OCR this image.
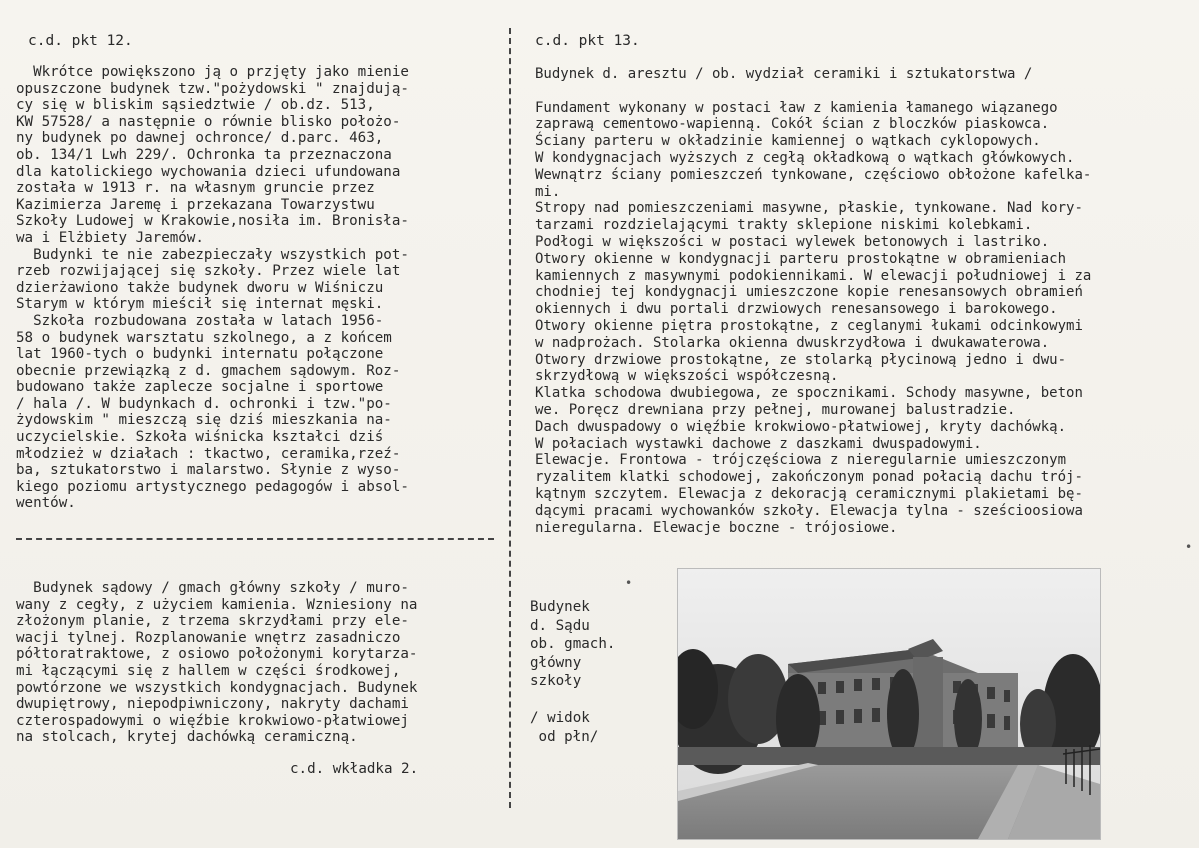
c.d. pkt 12.
Wkrótce powiększono ją o przjęty jako mienie
opuszczone budynek tzw."pożydowski " znajdują-
cy się w bliskim sąsiedztwie / ob.dz. 513,
KW 57528/ a następnie o równie blisko położo-
ny budynek po dawnej ochronce/ d.parc. 463,
ob. 134/1 Lwh 229/. Ochronka ta przeznaczona
dla katolickiego wychowania dzieci ufundowana
została w 1913 r. na własnym gruncie przez
Kazimierza Jaremę i przekazana Towarzystwu
Szkoły Ludowej w Krakowie,nosiła im. Bronisła-
wa i Elżbiety Jaremów.
Budynki te nie zabezpieczały wszystkich pot-
rzeb rozwijającej się szkoły. Przez wiele lat
dzierżawiono także budynek dworu w Wiśniczu
Starym w którym mieścił się internat męski.
Szkoła rozbudowana została w latach 1956-
58 o budynek warsztatu szkolnego, a z końcem
lat 1960-tych o budynki internatu połączone
obecnie przewiązką z d. gmachem sądowym. Roz-
budowano także zaplecze socjalne i sportowe
/ hala /. W budynkach d. ochronki i tzw."po-
żydowskim " mieszczą się dziś mieszkania na-
uczycielskie. Szkoła wiśnicka kształci dziś
młodzież w działach : tkactwo, ceramika,rzeź-
ba, sztukatorstwo i malarstwo. Słynie z wyso-
kiego poziomu artystycznego pedagogów i absol-
wentów.
Budynek sądowy / gmach główny szkoły / muro-
wany z cegły, z użyciem kamienia. Wzniesiony na
złożonym planie, z trzema skrzydłami przy ele-
wacji tylnej. Rozplanowanie wnętrz zasadniczo
półtoratraktowe, z osiowo położonymi korytarza-
mi łączącymi się z hallem w części środkowej,
powtórzone we wszystkich kondygnacjach. Budynek
dwupiętrowy, niepodpiwniczony, nakryty dachami
czterospadowymi o więźbie krokwiowo-płatwiowej
na stolcach, krytej dachówką ceramiczną.
c.d. wkładka 2.
c.d. pkt 13.
Budynek d. aresztu / ob. wydział ceramiki i sztukatorstwa /

Fundament wykonany w postaci ław z kamienia łamanego wiązanego
zaprawą cementowo-wapienną. Cokół ścian z bloczków piaskowca.
Ściany parteru w okładzinie kamiennej o wątkach cyklopowych.
W kondygnacjach wyższych z cegłą okładkową o wątkach główkowych.
Wewnątrz ściany pomieszczeń tynkowane, częściowo obłożone kafelka-
mi.
Stropy nad pomieszczeniami masywne, płaskie, tynkowane. Nad kory-
tarzami rozdzielającymi trakty sklepione niskimi kolebkami.
Podłogi w większości w postaci wylewek betonowych i lastriko.
Otwory okienne w kondygnacji parteru prostokątne w obramieniach
kamiennych z masywnymi podokiennikami. W elewacji południowej i za
chodniej tej kondygnacji umieszczone kopie renesansowych obramień
okiennych i dwu portali drzwiowych renesansowego i barokowego.
Otwory okienne piętra prostokątne, z ceglanymi łukami odcinkowymi
w nadprożach. Stolarka okienna dwuskrzydłowa i dwukawaterowa.
Otwory drzwiowe prostokątne, ze stolarką płycinową jedno i dwu-
skrzydłową w większości współczesną.
Klatka schodowa dwubiegowa, ze spocznikami. Schody masywne, beton
we. Poręcz drewniana przy pełnej, murowanej balustradzie.
Dach dwuspadowy o więźbie krokwiowo-płatwiowej, kryty dachówką.
W połaciach wystawki dachowe z daszkami dwuspadowymi.
Elewacje. Frontowa - trójczęściowa z nieregularnie umieszczonym
ryzalitem klatki schodowej, zakończonym ponad połacią dachu trój-
kątnym szczytem. Elewacja z dekoracją ceramicznymi plakietami bę-
dącymi pracami wychowanków szkoły. Elewacja tylna - sześcioosiowa
nieregularna. Elewacje boczne - trójosiowe.
Budynek
d. Sądu
ob. gmach.
główny
szkoły

/ widok
od płn/
•
•
